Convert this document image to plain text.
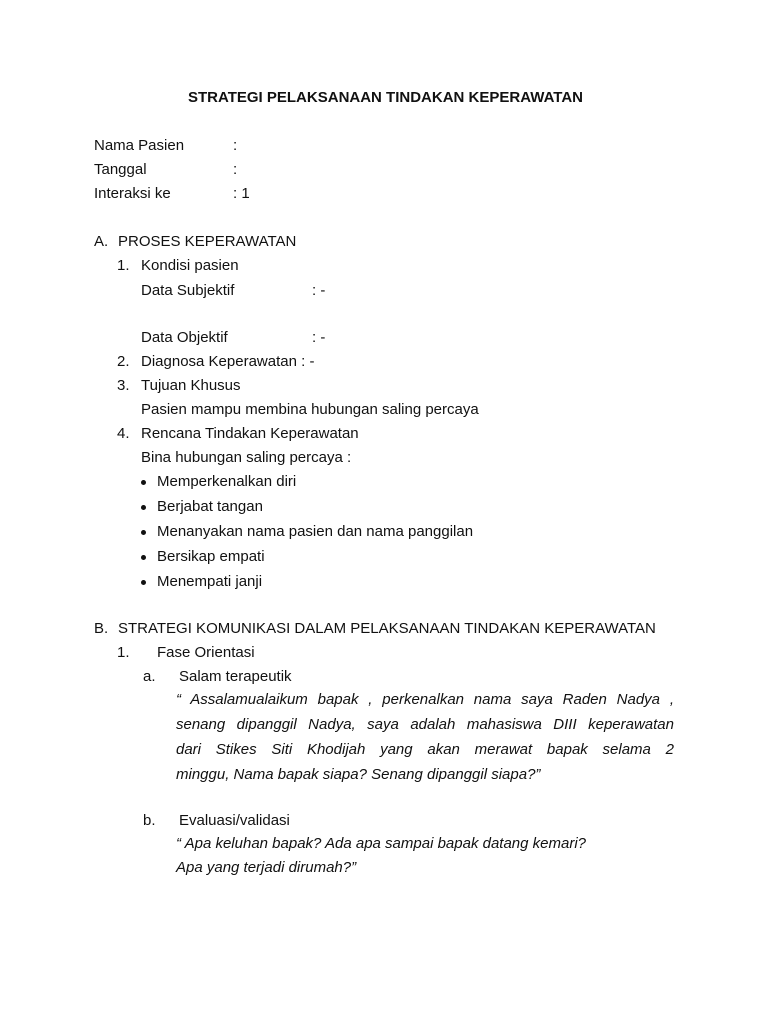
STRATEGI PELAKSANAAN TINDAKAN KEPERAWATAN
Nama Pasien	:
Tanggal	:
Interaksi ke	: 1
A. PROSES KEPERAWATAN
1. Kondisi pasien
Data Subjektif	: -
Data Objektif	: -
2. Diagnosa Keperawatan : -
3. Tujuan Khusus
Pasien mampu membina hubungan saling percaya
4. Rencana Tindakan Keperawatan
Bina hubungan saling percaya :
Memperkenalkan diri
Berjabat tangan
Menanyakan nama pasien dan nama panggilan
Bersikap empati
Menempati janji
B. STRATEGI KOMUNIKASI DALAM PELAKSANAAN TINDAKAN KEPERAWATAN
1. Fase Orientasi
a. Salam terapeutik
“ Assalamualaikum bapak , perkenalkan nama saya Raden Nadya ,
senang dipanggil Nadya, saya adalah mahasiswa DIII keperawatan
dari Stikes Siti Khodijah yang akan merawat bapak selama 2
minggu, Nama bapak siapa? Senang dipanggil siapa?”
b. Evaluasi/validasi
“ Apa keluhan bapak? Ada apa sampai bapak datang kemari?
Apa yang terjadi dirumah?”
